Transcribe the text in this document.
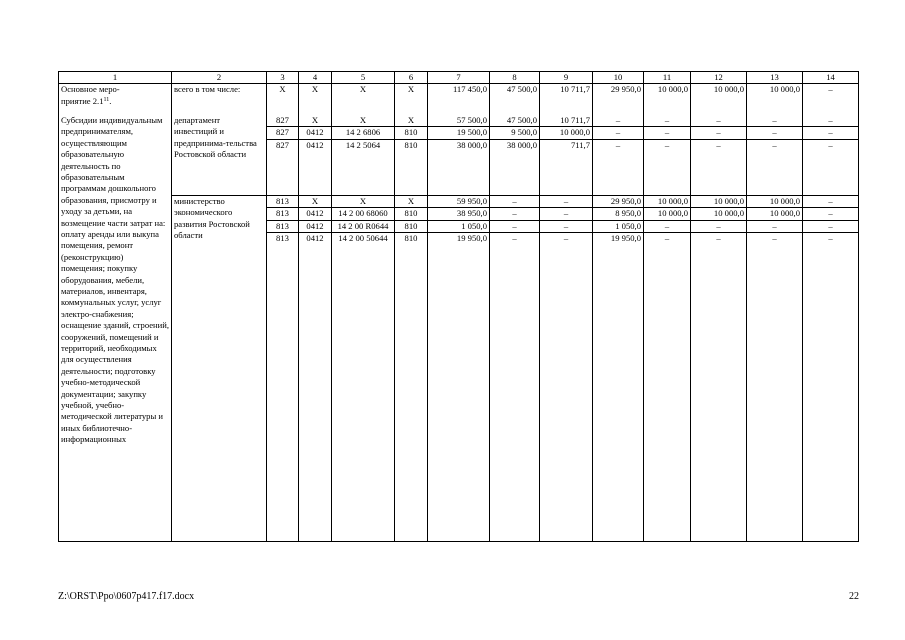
1	2	3	4	5	6	7	8	9	10	11	12	13	14
Основное меро-
приятие $2.1^{11}$.	всего в том числе:	X	X	X	X	117 450,0	47 500,0	10 711,7	29 950,0	10 000,0	10 000,0	10 000,0	–
Субсидии индивидуальным предпринимателям, осуществляющим образовательную деятельность по образовательным программам дошкольного образования, присмотру и уходу за детьми, на возмещение части затрат на: оплату аренды или выкупа помещения, ремонт (реконструкцию) помещения; покупку оборудования, мебели, материалов, инвентаря, коммунальных услуг, услуг электро-снабжения; оснащение зданий, строений, сооружений, помещений и территорий, необходимых для осуществления деятельности; подготовку учебно-методической документации; закупку учебной, учебно-методической литературы и иных библиотечно-информационных	департамент инвестиций и предпринима-тельства Ростовской области	827	X	X	X	57 500,0	47 500,0	10 711,7	–	–	–	–	–
		827	0412	14 2 6806	810	19 500,0	9 500,0	10 000,0	–	–	–	–	–
		827	0412	14 2 5064	810	38 000,0	38 000,0	711,7	–	–	–	–	–
	министерство экономического развития Ростовской области	813	X	X	X	59 950,0	–	–	29 950,0	10 000,0	10 000,0	10 000,0	–
		813	0412	14 2 00 68060	810	38 950,0	–	–	8 950,0	10 000,0	10 000,0	10 000,0	–
		813	0412	14 2 00 R0644	810	1 050,0	–	–	1 050,0	–	–	–	–
		813	0412	14 2 00 50644	810	19 950,0	–	–	19 950,0	–	–	–	–

Z:\ORST\Ppo\0607p417.f17.docx	22
